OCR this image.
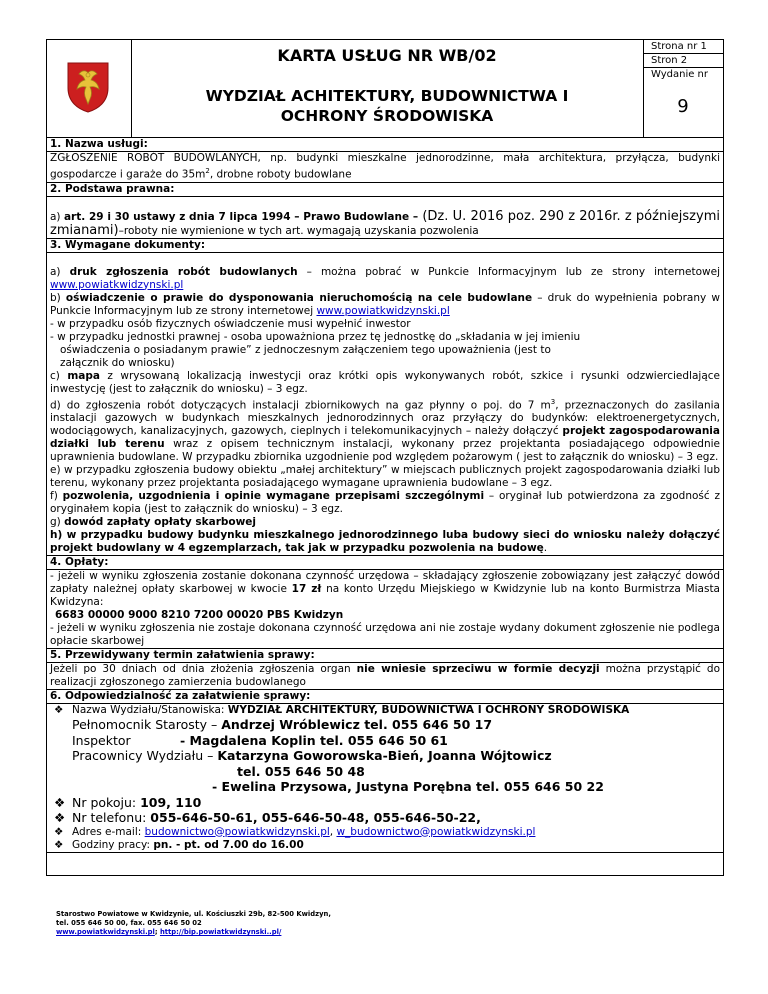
KARTA USŁUG NR WB/02
WYDZIAŁ ACHITEKTURY, BUDOWNICTWA I
OCHRONY ŚRODOWISKA
Strona nr 1
Stron 2
Wydanie nr
9
1. Nazwa usługi:

ZGŁOSZENIE ROBÓT BUDOWLANYCH, np. budynki mieszkalne jednorodzinne, mała architektura, przyłącza, budynki gospodarcze i garaże do $35m^2$, drobne roboty budowlane

2. Podstawa prawna:

a) art. 29 i 30 ustawy z dnia 7 lipca 1994 – Prawo Budowlane – (Dz. U. 2016 poz. 290 z 2016r. z późniejszymi zmianami)–roboty nie wymienione w tych art. wymagają uzyskania pozwolenia

3. Wymagane dokumenty:

a) druk zgłoszenia robót budowlanych – można pobrać w Punkcie Informacyjnym lub ze strony internetowej www.powiatkwidzynski.pl

b) oświadczenie o prawie do dysponowania nieruchomością na cele budowlane – druk do wypełnienia pobrany w Punkcie Informacyjnym lub ze strony internetowej www.powiatkwidzynski.pl

- w przypadku osób fizycznych oświadczenie musi wypełnić inwestor

- w przypadku jednostki prawnej - osoba upoważniona przez tę jednostkę do „składania w jej imieniu

oświadczenia o posiadanym prawie” z jednoczesnym załączeniem tego upoważnienia (jest to

załącznik do wniosku)

c) mapa z wrysowaną lokalizacją inwestycji oraz krótki opis wykonywanych robót, szkice i rysunki odzwierciedlające inwestycję (jest to załącznik do wniosku) – 3 egz.

d) do zgłoszenia robót dotyczących instalacji zbiornikowych na gaz płynny o poj. do 7 $m^3$, przeznaczonych do zasilania instalacji gazowych w budynkach mieszkalnych jednorodzinnych oraz przyłączy do budynków: elektroenergetycznych, wodociągowych, kanalizacyjnych, gazowych, cieplnych i telekomunikacyjnych – należy dołączyć projekt zagospodarowania działki lub terenu wraz z opisem technicznym instalacji, wykonany przez projektanta posiadającego odpowiednie uprawnienia budowlane. W przypadku zbiornika uzgodnienie pod względem pożarowym ( jest to załącznik do wniosku) – 3 egz.

e) w przypadku zgłoszenia budowy obiektu „małej architektury” w miejscach publicznych projekt zagospodarowania działki lub terenu, wykonany przez projektanta posiadającego wymagane uprawnienia budowlane – 3 egz.

f) pozwolenia, uzgodnienia i opinie wymagane przepisami szczególnymi – oryginał lub potwierdzona za zgodność z oryginałem kopia (jest to załącznik do wniosku) – 3 egz.

g) dowód zapłaty opłaty skarbowej

h) w przypadku budowy budynku mieszkalnego jednorodzinnego luba budowy sieci do wniosku należy dołączyć projekt budowlany w 4 egzemplarzach, tak jak w przypadku pozwolenia na budowę.

4. Opłaty:

- jeżeli w wyniku zgłoszenia zostanie dokonana czynność urzędowa – składający zgłoszenie zobowiązany jest załączyć dowód zapłaty należnej opłaty skarbowej w kwocie 17 zł na konto Urzędu Miejskiego w Kwidzynie lub na konto Burmistrza Miasta Kwidzyna:

6683 00000 9000 8210 7200 00020 PBS Kwidzyn

- jeżeli w wyniku zgłoszenia nie zostaje dokonana czynność urzędowa ani nie zostaje wydany dokument zgłoszenie nie podlega opłacie skarbowej

5. Przewidywany termin załatwienia sprawy:

Jeżeli po 30 dniach od dnia złożenia zgłoszenia organ nie wniesie sprzeciwu w formie decyzji można przystąpić do realizacji zgłoszonego zamierzenia budowlanego

6. Odpowiedzialność za załatwienie sprawy:
❖ Nazwa Wydziału/Stanowiska: WYDZIAŁ ARCHITEKTURY, BUDOWNICTWA I OCHRONY ŚRODOWISKA
Pełnomocnik Starosty – Andrzej Wróblewicz tel. 055 646 50 17
Inspektor	- Magdalena Koplin tel. 055 646 50 61
Pracownicy Wydziału – Katarzyna Goworowska-Bień, Joanna Wójtowicz
tel. 055 646 50 48
- Ewelina Przysowa, Justyna Porębna tel. 055 646 50 22
❖ Nr pokoju: 109, 110
❖ Nr telefonu: 055-646-50-61, 055-646-50-48, 055-646-50-22,
❖ Adres e-mail: budownictwo@powiatkwidzynski.pl, w_budownictwo@powiatkwidzynski.pl
❖ Godziny pracy: pn. - pt. od 7.00 do 16.00
Starostwo Powiatowe w Kwidzynie, ul. Kościuszki 29b, 82-500 Kwidzyn,
tel. 055 646 50 00, fax. 055 646 50 02
www.powiatkwidzynski.pl; http://bip.powiatkwidzynski..pl/
